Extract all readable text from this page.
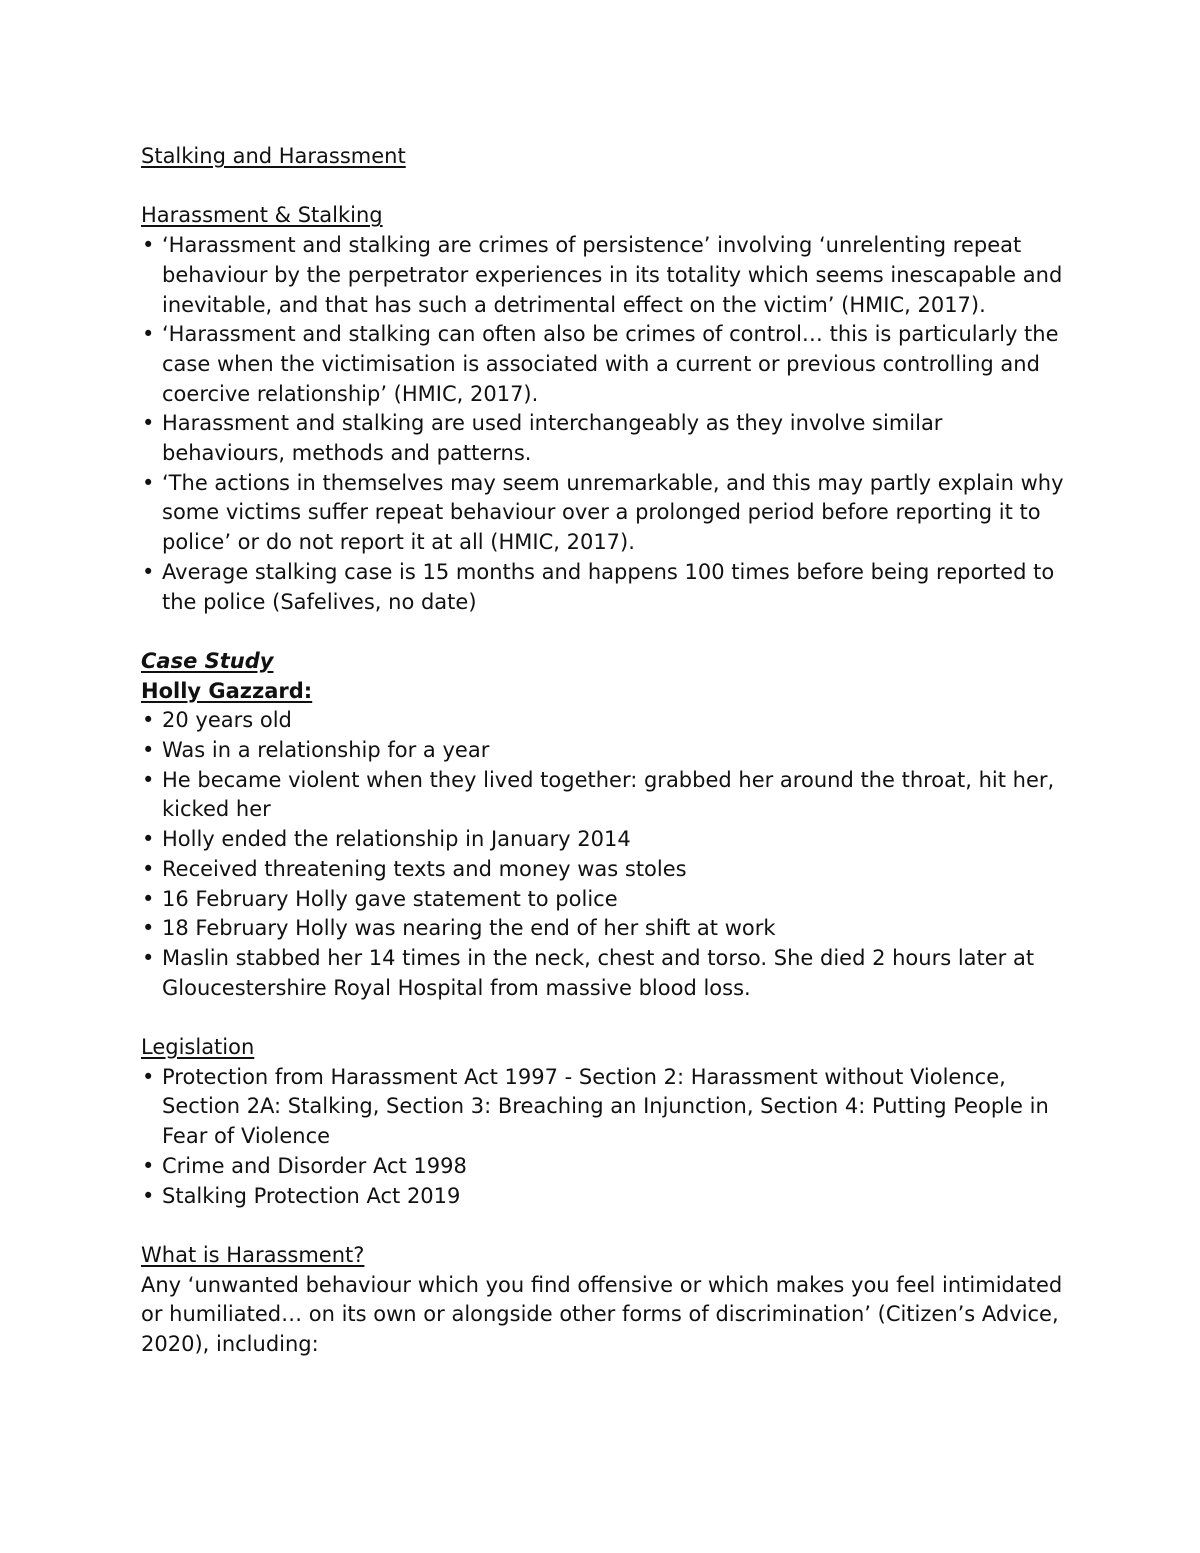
Stalking and Harassment

Harassment & Stalking

• ‘Harassment and stalking are crimes of persistence’ involving ‘unrelenting repeat behaviour by the perpetrator experiences in its totality which seems inescapable and inevitable, and that has such a detrimental effect on the victim’ (HMIC, 2017).
• ‘Harassment and stalking can often also be crimes of control… this is particularly the case when the victimisation is associated with a current or previous controlling and coercive relationship’ (HMIC, 2017).
• Harassment and stalking are used interchangeably as they involve similar behaviours, methods and patterns.
• ‘The actions in themselves may seem unremarkable, and this may partly explain why some victims suffer repeat behaviour over a prolonged period before reporting it to police’ or do not report it at all (HMIC, 2017).
• Average stalking case is 15 months and happens 100 times before being reported to the police (Safelives, no date)

Case Study

Holly Gazzard:

• 20 years old
• Was in a relationship for a year
• He became violent when they lived together: grabbed her around the throat, hit her, kicked her
• Holly ended the relationship in January 2014
• Received threatening texts and money was stoles
• 16 February Holly gave statement to police
• 18 February Holly was nearing the end of her shift at work
• Maslin stabbed her 14 times in the neck, chest and torso. She died 2 hours later at Gloucestershire Royal Hospital from massive blood loss.

Legislation

• Protection from Harassment Act 1997 - Section 2: Harassment without Violence, Section 2A: Stalking, Section 3: Breaching an Injunction, Section 4: Putting People in Fear of Violence
• Crime and Disorder Act 1998
• Stalking Protection Act 2019

What is Harassment?

Any ‘unwanted behaviour which you find offensive or which makes you feel intimidated or humiliated… on its own or alongside other forms of discrimination’ (Citizen’s Advice, 2020), including:
